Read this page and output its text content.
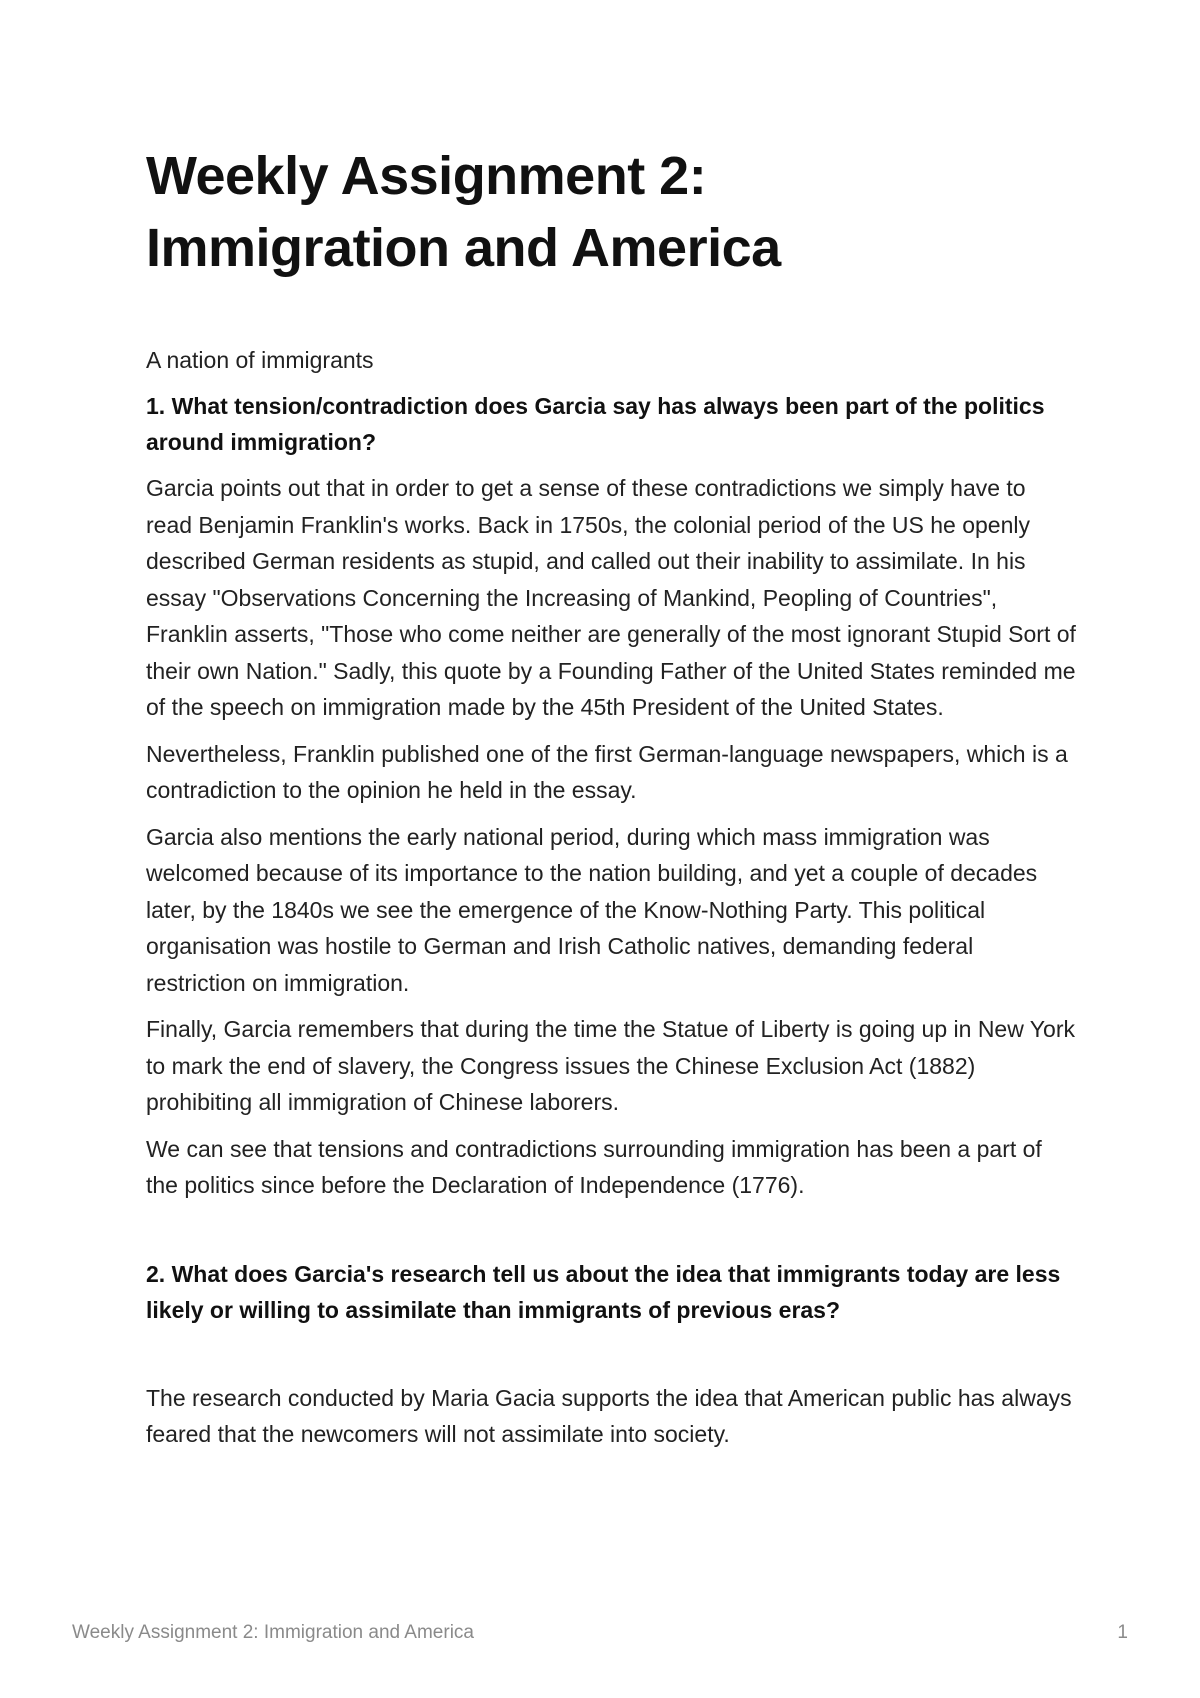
Weekly Assignment 2:
Immigration and America
A nation of immigrants
1. What tension/contradiction does Garcia say has always been part of the politics around immigration?
Garcia points out that in order to get a sense of these contradictions we simply have to read Benjamin Franklin's works. Back in 1750s, the colonial period of the US he openly described German residents as stupid, and called out their inability to assimilate. In his essay "Observations Concerning the Increasing of Mankind, Peopling of Countries", Franklin asserts, "Those who come neither are generally of the most ignorant Stupid Sort of their own Nation." Sadly, this quote by a Founding Father of the United States reminded me of the speech on immigration made by the 45th President of the United States.
Nevertheless, Franklin published one of the first German-language newspapers, which is a contradiction to the opinion he held in the essay.
Garcia also mentions the early national period, during which mass immigration was welcomed because of its importance to the nation building, and yet a couple of decades later, by the 1840s we see the emergence of the Know-Nothing Party. This political organisation was hostile to German and Irish Catholic natives, demanding federal restriction on immigration.
Finally, Garcia remembers that during the time the Statue of Liberty is going up in New York to mark the end of slavery, the Congress issues the Chinese Exclusion Act (1882) prohibiting all immigration of Chinese laborers.
We can see that tensions and contradictions surrounding immigration has been a part of the politics since before the Declaration of Independence (1776).
2. What does Garcia's research tell us about the idea that immigrants today are less likely or willing to assimilate than immigrants of previous eras?
The research conducted by Maria Gacia supports the idea that American public has always feared that the newcomers will not assimilate into society.
Weekly Assignment 2: Immigration and America	1
